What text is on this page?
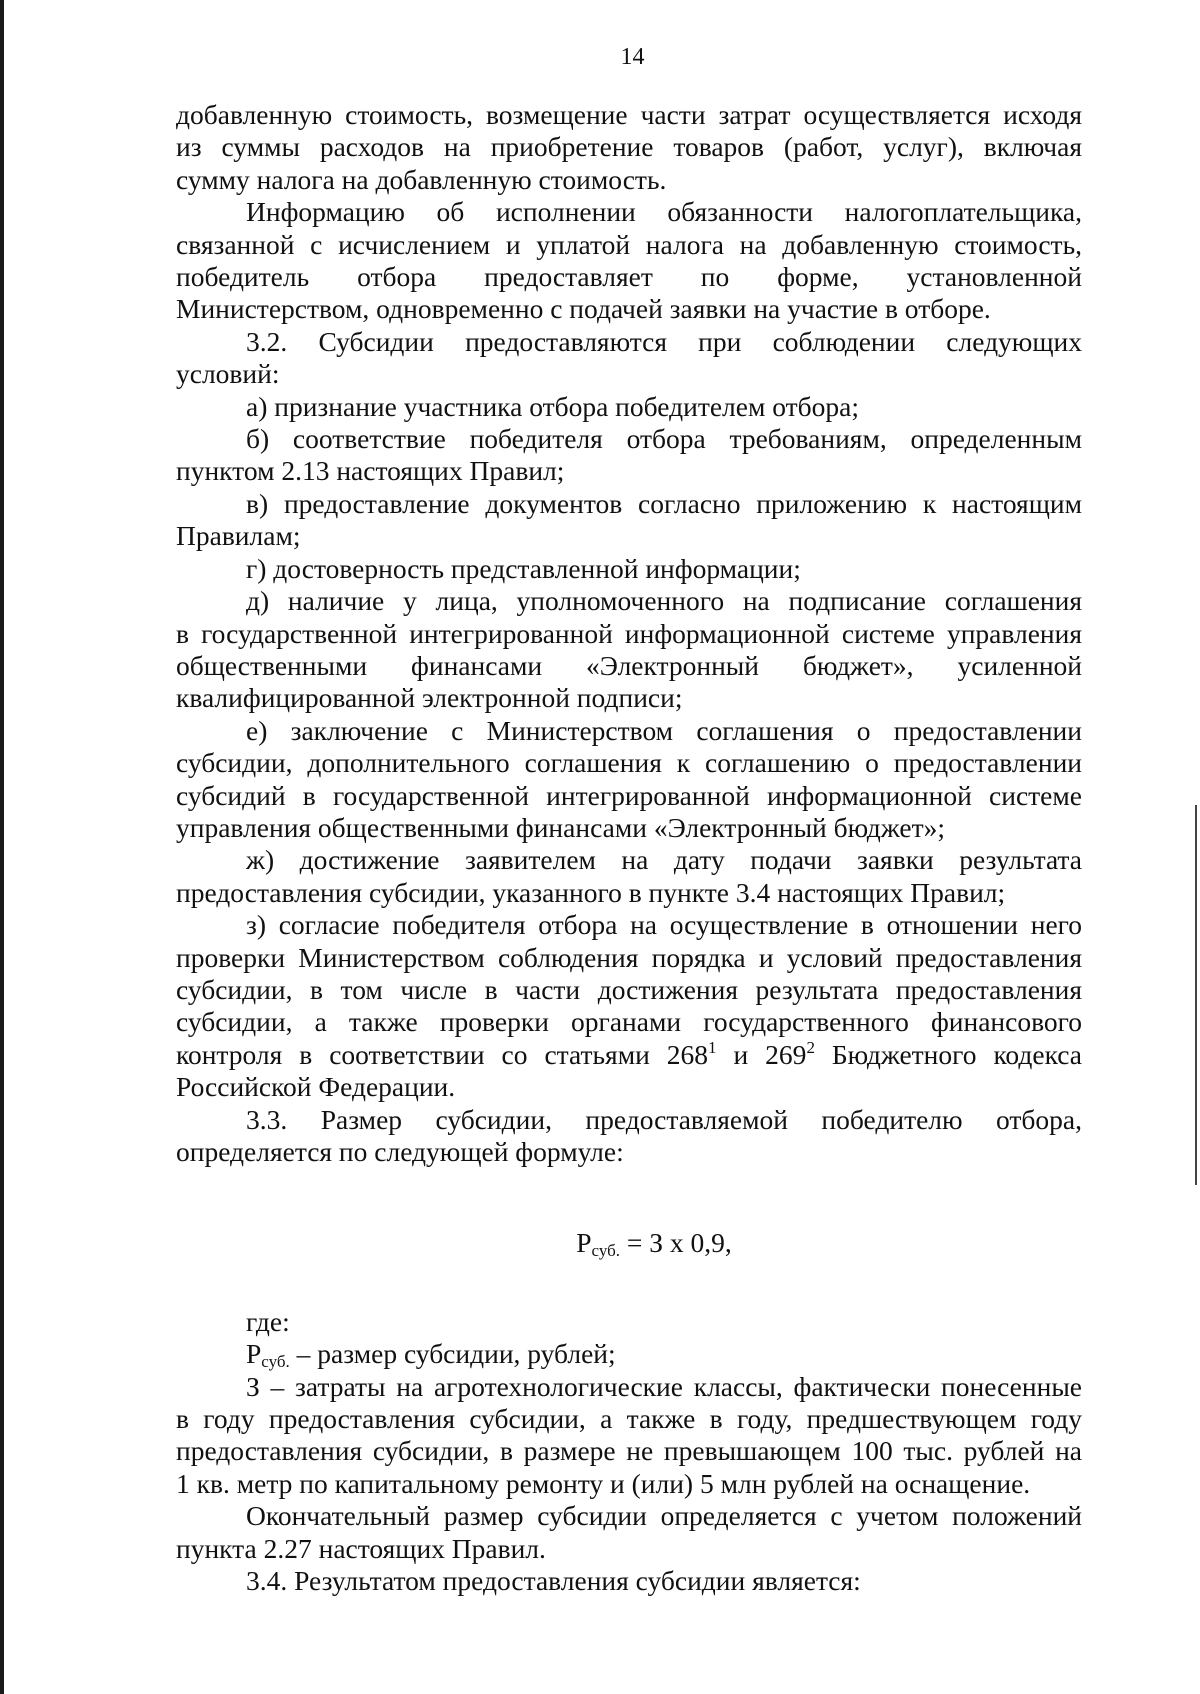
14

добавленную стоимость, возмещение части затрат осуществляется исходя

из суммы расходов на приобретение товаров (работ, услуг), включая

сумму налога на добавленную стоимость.

Информацию об исполнении обязанности налогоплательщика,

связанной с исчислением и уплатой налога на добавленную стоимость,

победитель отбора предоставляет по форме, установленной

Министерством, одновременно с подачей заявки на участие в отборе.

3.2. Субсидии предоставляются при соблюдении следующих

условий:

а) признание участника отбора победителем отбора;

б) соответствие победителя отбора требованиям, определенным

пунктом 2.13 настоящих Правил;

в) предоставление документов согласно приложению к настоящим

Правилам;

г) достоверность представленной информации;

д) наличие у лица, уполномоченного на подписание соглашения

в государственной интегрированной информационной системе управления

общественными финансами «Электронный бюджет», усиленной

квалифицированной электронной подписи;

е) заключение с Министерством соглашения о предоставлении

субсидии, дополнительного соглашения к соглашению о предоставлении

субсидий в государственной интегрированной информационной системе

управления общественными финансами «Электронный бюджет»;

ж) достижение заявителем на дату подачи заявки результата

предоставления субсидии, указанного в пункте 3.4 настоящих Правил;

з) согласие победителя отбора на осуществление в отношении него

проверки Министерством соблюдения порядка и условий предоставления

субсидии, в том числе в части достижения результата предоставления

субсидии, а также проверки органами государственного финансового

контроля в соответствии со статьями $268^1$ и $269^2$ Бюджетного кодекса

Российской Федерации.

3.3. Размер субсидии, предоставляемой победителю отбора,

определяется по следующей формуле:

$Р_{суб.} = З$ х 0,9,

где:

$Р_{суб.}$ – размер субсидии, рублей;

З – затраты на агротехнологические классы, фактически понесенные

в году предоставления субсидии, а также в году, предшествующем году

предоставления субсидии, в размере не превышающем 100 тыс. рублей на

1 кв. метр по капитальному ремонту и (или) 5 млн рублей на оснащение.

Окончательный размер субсидии определяется с учетом положений

пункта 2.27 настоящих Правил.

3.4. Результатом предоставления субсидии является:
